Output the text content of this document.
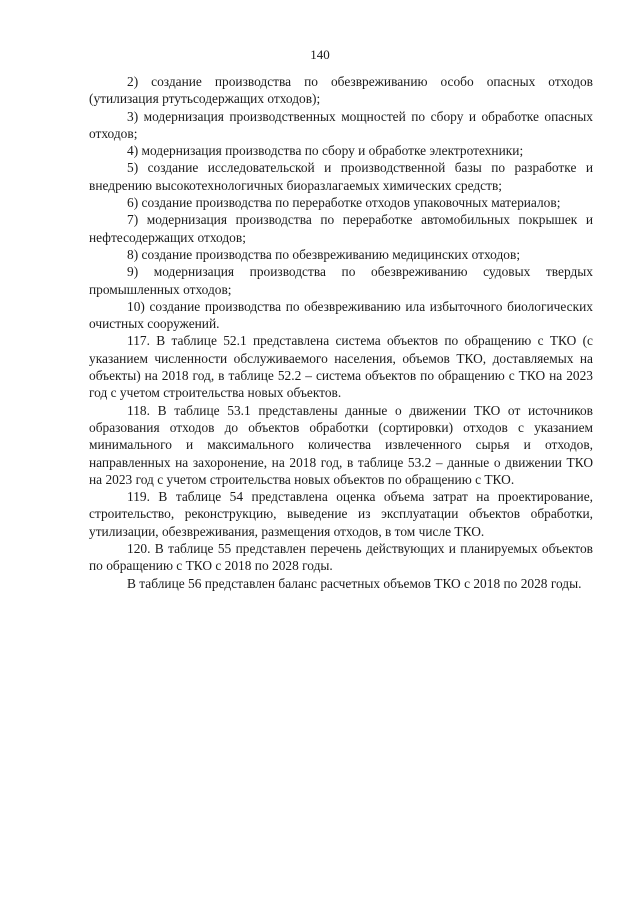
140

2) создание производства по обезвреживанию особо опасных отходов (утилизация ртутьсодержащих отходов);

3) модернизация производственных мощностей по сбору и обработке опасных отходов;

4) модернизация производства по сбору и обработке электротехники;

5) создание исследовательской и производственной базы по разработке и внедрению высокотехнологичных биоразлагаемых химических средств;

6) создание производства по переработке отходов упаковочных материалов;

7) модернизация производства по переработке автомобильных покрышек и нефтесодержащих отходов;

8) создание производства по обезвреживанию медицинских отходов;

9) модернизация производства по обезвреживанию судовых твердых промышленных отходов;

10) создание производства по обезвреживанию ила избыточного биологических очистных сооружений.

117. В таблице 52.1 представлена система объектов по обращению с ТКО (с указанием численности обслуживаемого населения, объемов ТКО, доставляемых на объекты) на 2018 год, в таблице 52.2 – система объектов по обращению с ТКО на 2023 год с учетом строительства новых объектов.

118. В таблице 53.1 представлены данные о движении ТКО от источников образования отходов до объектов обработки (сортировки) отходов с указанием минимального и максимального количества извлеченного сырья и отходов, направленных на захоронение, на 2018 год, в таблице 53.2 – данные о движении ТКО на 2023 год с учетом строительства новых объектов по обращению с ТКО.

119. В таблице 54 представлена оценка объема затрат на проектирование, строительство, реконструкцию, выведение из эксплуатации объектов обработки, утилизации, обезвреживания, размещения отходов, в том числе ТКО.

120. В таблице 55 представлен перечень действующих и планируемых объектов по обращению с ТКО с 2018 по 2028 годы.

В таблице 56 представлен баланс расчетных объемов ТКО с 2018 по 2028 годы.
